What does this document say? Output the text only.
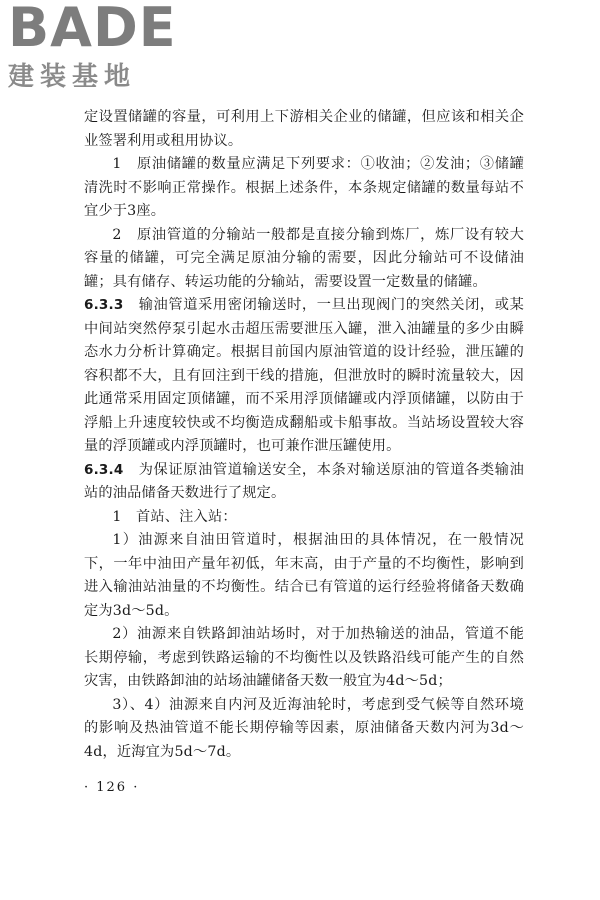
BADE
建装基地

定设置储罐的容量，可利用上下游相关企业的储罐，但应该和相关企业签署利用或租用协议。

1　原油储罐的数量应满足下列要求：①收油；②发油；③储罐清洗时不影响正常操作。根据上述条件，本条规定储罐的数量每站不宜少于3座。

2　原油管道的分输站一般都是直接分输到炼厂，炼厂设有较大容量的储罐，可完全满足原油分输的需要，因此分输站可不设储油罐；具有储存、转运功能的分输站，需要设置一定数量的储罐。

6.3.3　输油管道采用密闭输送时，一旦出现阀门的突然关闭，或某中间站突然停泵引起水击超压需要泄压入罐，泄入油罐量的多少由瞬态水力分析计算确定。根据目前国内原油管道的设计经验，泄压罐的容积都不大，且有回注到干线的措施，但泄放时的瞬时流量较大，因此通常采用固定顶储罐，而不采用浮顶储罐或内浮顶储罐，以防由于浮船上升速度较快或不均衡造成翻船或卡船事故。当站场设置较大容量的浮顶罐或内浮顶罐时，也可兼作泄压罐使用。

6.3.4　为保证原油管道输送安全，本条对输送原油的管道各类输油站的油品储备天数进行了规定。

1　首站、注入站：

1）油源来自油田管道时，根据油田的具体情况，在一般情况下，一年中油田产量年初低，年末高，由于产量的不均衡性，影响到进入输油站油量的不均衡性。结合已有管道的运行经验将储备天数确定为3d～5d。

2）油源来自铁路卸油站场时，对于加热输送的油品，管道不能长期停输，考虑到铁路运输的不均衡性以及铁路沿线可能产生的自然灾害，由铁路卸油的站场油罐储备天数一般宜为4d～5d；

3）、4）油源来自内河及近海油轮时，考虑到受气候等自然环境的影响及热油管道不能长期停输等因素，原油储备天数内河为3d～4d，近海宜为5d～7d。

· 126 ·
